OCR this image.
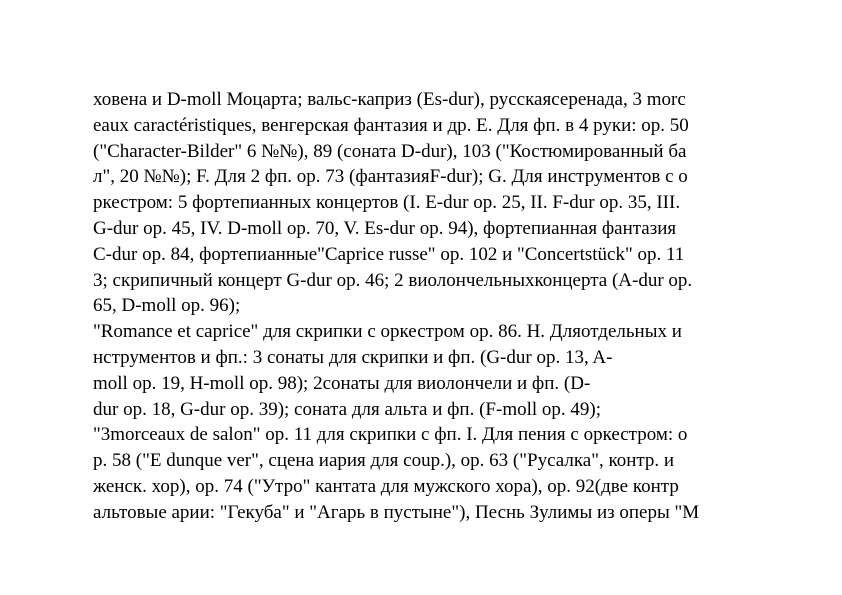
ховена и D-moll Моцарта; вальс-каприз (Es-dur), русскаясеренада, 3 morc
eaux caractéristiques, венгерская фантазия и др. E. Для фп. в 4 руки: op. 50
("Character-Bilder" 6 №№), 89 (соната D-dur), 103 ("Костюмированный ба
л", 20 №№); F. Для 2 фп. op. 73 (фантазияF-dur); G. Для инструментов с о
ркестром: 5 фортепианных концертов (I. E-dur op. 25, II. F-dur op. 35, III.
G-dur op. 45, IV. D-moll op. 70, V. Es-dur op. 94), фортепианная фантазия
C-dur op. 84, фортепианные"Caprice russe" op. 102 и "Concertstück" op. 11
3; скрипичный концерт G-dur op. 46; 2 виолончельныхконцерта (A-dur op.
65, D-moll op. 96);
"Romance et caprice" для скрипки с оркестром op. 86. H. Дляотдельных и
нструментов и фп.: 3 сонаты для скрипки и фп. (G-dur op. 13, A-
moll op. 19, H-moll op. 98); 2сонаты для виолончели и фп. (D-
dur op. 18, G-dur op. 39); соната для альта и фп. (F-moll op. 49);
"3morceaux de salon" op. 11 для скрипки с фп. I. Для пения с оркестром: о
р. 58 ("E dunque ver", сцена иария для coup.), op. 63 ("Русалка", контр. и
женск. хор), op. 74 ("Утро" кантата для мужского хора), op. 92(две контр
альтовые арии: "Гекуба" и "Агарь в пустыне"), Песнь Зулимы из оперы "М
